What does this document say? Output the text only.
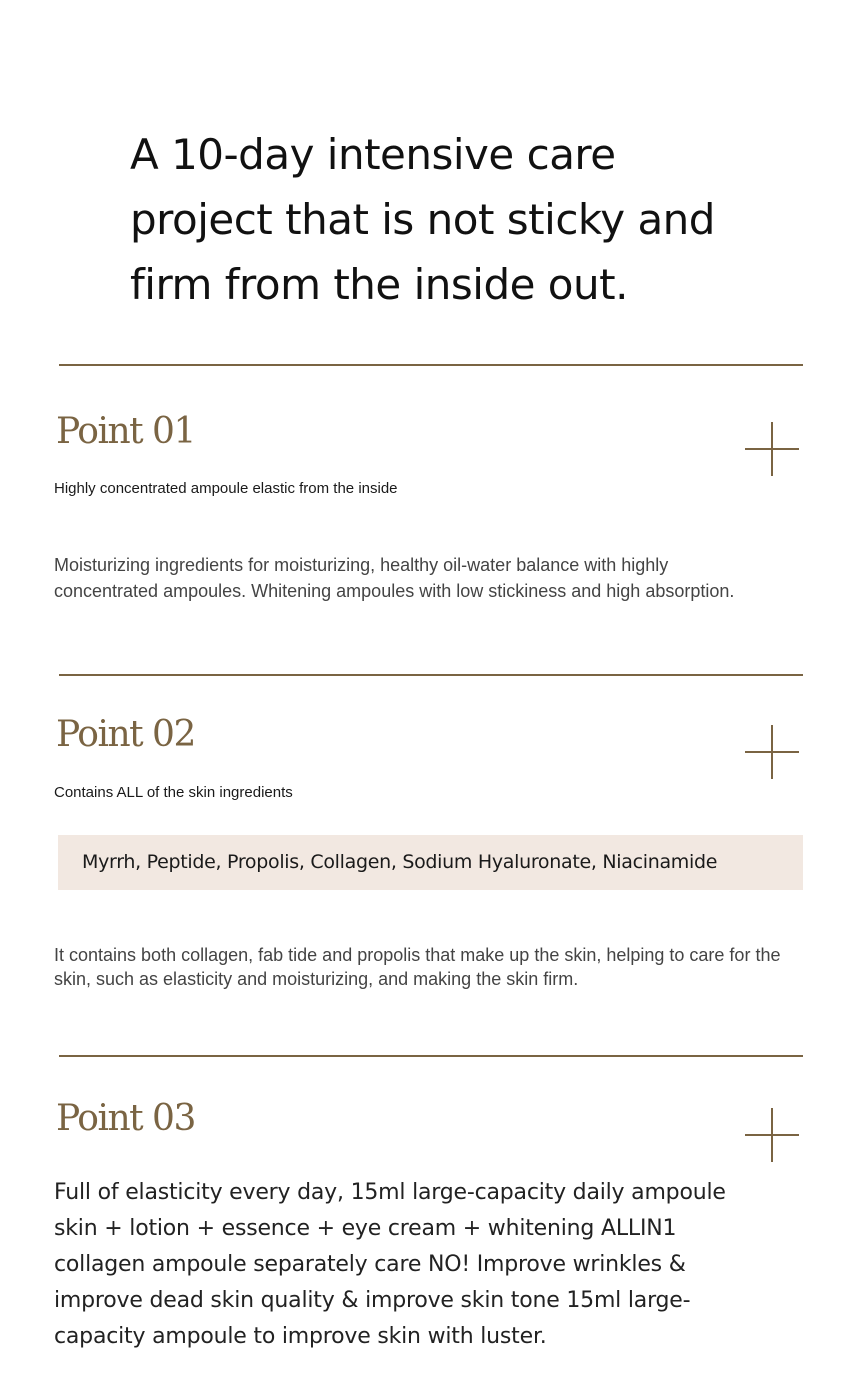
A 10-day intensive care project that is not sticky and firm from the inside out.
Point 01

Highly concentrated ampoule elastic from the inside

Moisturizing ingredients for moisturizing, healthy oil-water balance with highly concentrated ampoules. Whitening ampoules with low stickiness and high absorption.

Point 02

Contains ALL of the skin ingredients

Myrrh, Peptide, Propolis, Collagen, Sodium Hyaluronate, Niacinamide

It contains both collagen, fab tide and propolis that make up the skin, helping to care for the skin, such as elasticity and moisturizing, and making the skin firm.

Point 03

Full of elasticity every day, 15ml large-capacity daily ampoule skin + lotion + essence + eye cream + whitening ALLIN1 collagen ampoule separately care NO! Improve wrinkles & improve dead skin quality & improve skin tone 15ml large-capacity ampoule to improve skin with luster.
